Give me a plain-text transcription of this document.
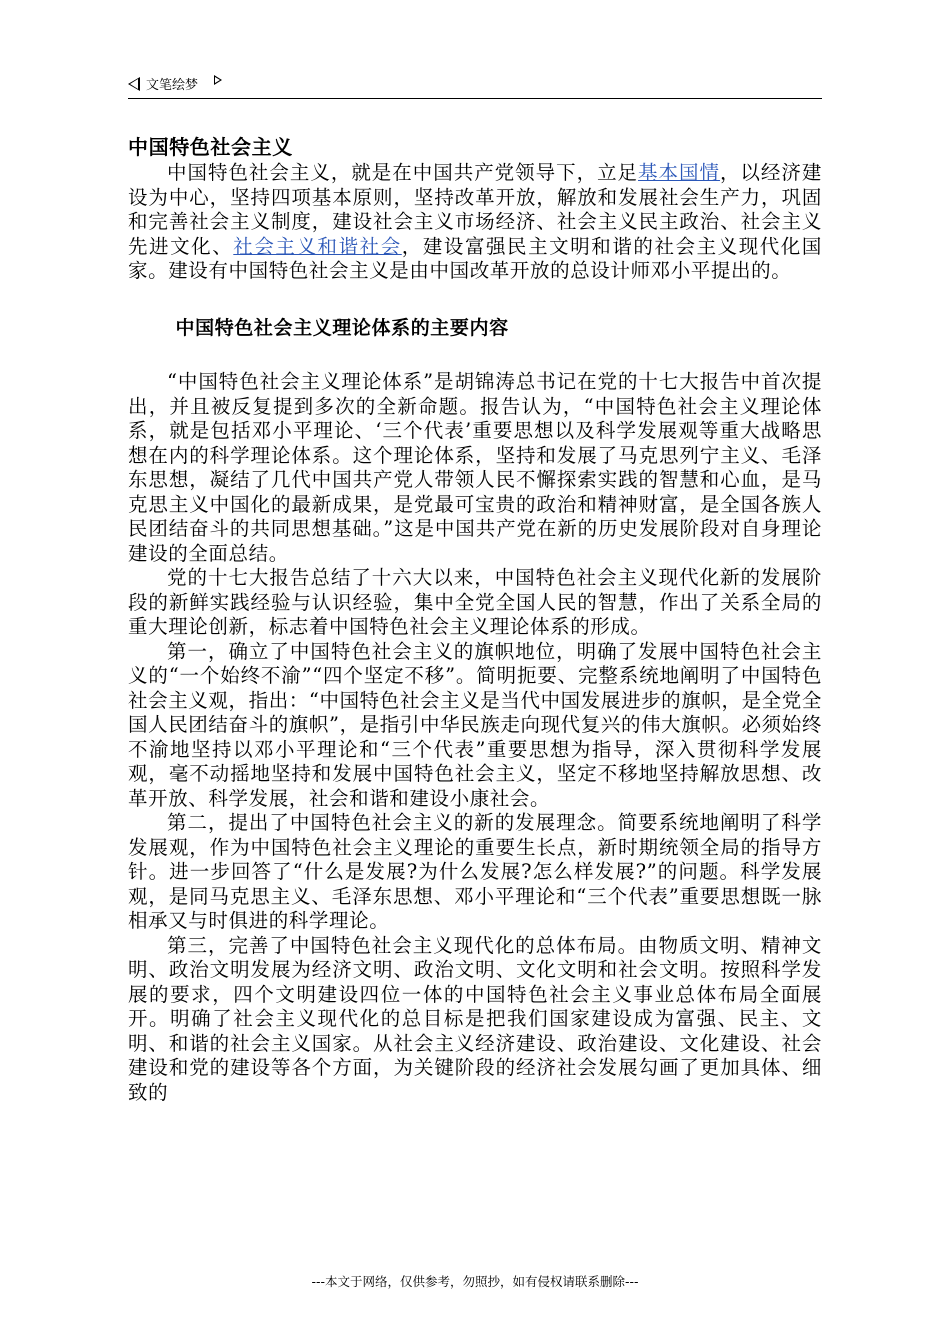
文笔绘梦
中国特色社会主义

中国特色社会主义，就是在中国共产党领导下，立足基本国情，以经济建设为中心，坚持四项基本原则，坚持改革开放，解放和发展社会生产力，巩固和完善社会主义制度，建设社会主义市场经济、社会主义民主政治、社会主义先进文化、社会主义和谐社会，建设富强民主文明和谐的社会主义现代化国家。建设有中国特色社会主义是由中国改革开放的总设计师邓小平提出的。

中国特色社会主义理论体系的主要内容

“中国特色社会主义理论体系”是胡锦涛总书记在党的十七大报告中首次提出，并且被反复提到多次的全新命题。报告认为，“中国特色社会主义理论体系，就是包括邓小平理论、‘三个代表’重要思想以及科学发展观等重大战略思想在内的科学理论体系。这个理论体系，坚持和发展了马克思列宁主义、毛泽东思想，凝结了几代中国共产党人带领人民不懈探索实践的智慧和心血，是马克思主义中国化的最新成果，是党最可宝贵的政治和精神财富，是全国各族人民团结奋斗的共同思想基础。”这是中国共产党在新的历史发展阶段对自身理论建设的全面总结。

党的十七大报告总结了十六大以来，中国特色社会主义现代化新的发展阶段的新鲜实践经验与认识经验，集中全党全国人民的智慧，作出了关系全局的重大理论创新，标志着中国特色社会主义理论体系的形成。

第一，确立了中国特色社会主义的旗帜地位，明确了发展中国特色社会主义的“一个始终不渝”“四个坚定不移”。简明扼要、完整系统地阐明了中国特色社会主义观，指出：“中国特色社会主义是当代中国发展进步的旗帜，是全党全国人民团结奋斗的旗帜”，是指引中华民族走向现代复兴的伟大旗帜。必须始终不渝地坚持以邓小平理论和“三个代表”重要思想为指导，深入贯彻科学发展观，毫不动摇地坚持和发展中国特色社会主义，坚定不移地坚持解放思想、改革开放、科学发展，社会和谐和建设小康社会。

第二，提出了中国特色社会主义的新的发展理念。简要系统地阐明了科学发展观，作为中国特色社会主义理论的重要生长点，新时期统领全局的指导方针。进一步回答了“什么是发展?为什么发展?怎么样发展?”的问题。科学发展观，是同马克思主义、毛泽东思想、邓小平理论和“三个代表”重要思想既一脉相承又与时俱进的科学理论。

第三，完善了中国特色社会主义现代化的总体布局。由物质文明、精神文明、政治文明发展为经济文明、政治文明、文化文明和社会文明。按照科学发展的要求，四个文明建设四位一体的中国特色社会主义事业总体布局全面展开。明确了社会主义现代化的总目标是把我们国家建设成为富强、民主、文明、和谐的社会主义国家。从社会主义经济建设、政治建设、文化建设、社会建设和党的建设等各个方面，为关键阶段的经济社会发展勾画了更加具体、细致的

---本文于网络，仅供参考，勿照抄，如有侵权请联系删除---
